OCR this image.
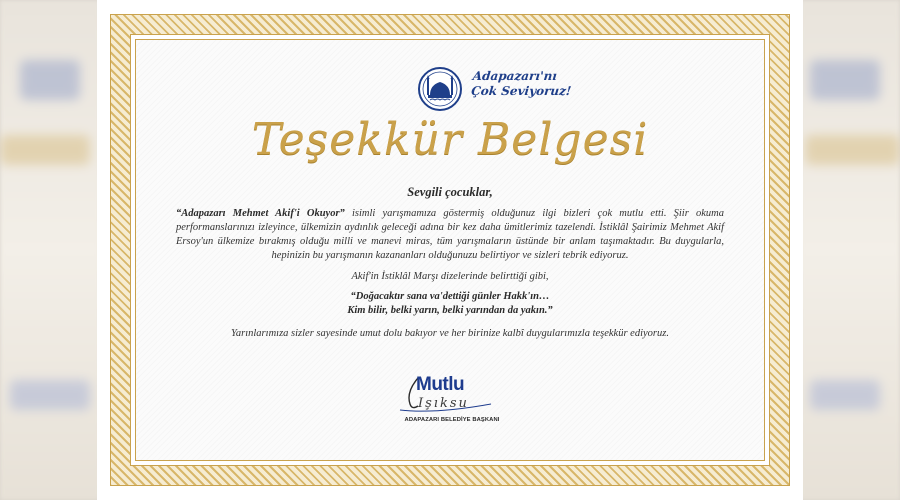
Adapazarı'nı
Çok Seviyoruz!
Teşekkür Belgesi
Sevgili çocuklar,

“Adapazarı Mehmet Akif'i Okuyor” isimli yarışmamıza göstermiş olduğunuz ilgi bizleri çok mutlu etti. Şiir okuma performanslarınızı izleyince, ülkemizin aydınlık geleceği adına bir kez daha ümitlerimiz tazelendi. İstiklâl Şairimiz Mehmet Akif Ersoy'un ülkemize bırakmış olduğu milli ve manevi miras, tüm yarışmaların üstünde bir anlam taşımaktadır. Bu duygularla, hepinizin bu yarışmanın kazananları olduğunuzu belirtiyor ve sizleri tebrik ediyoruz.

Akif'in İstiklâl Marşı dizelerinde belirttiği gibi,

“Doğacaktır sana va'dettiği günler Hakk'ın…
Kim bilir, belki yarın, belki yarından da yakın.”

Yarınlarımıza sizler sayesinde umut dolu bakıyor ve her birinize kalbî duygularımızla teşekkür ediyoruz.

Mutlu
Işıksu
ADAPAZARI BELEDİYE BAŞKANI
